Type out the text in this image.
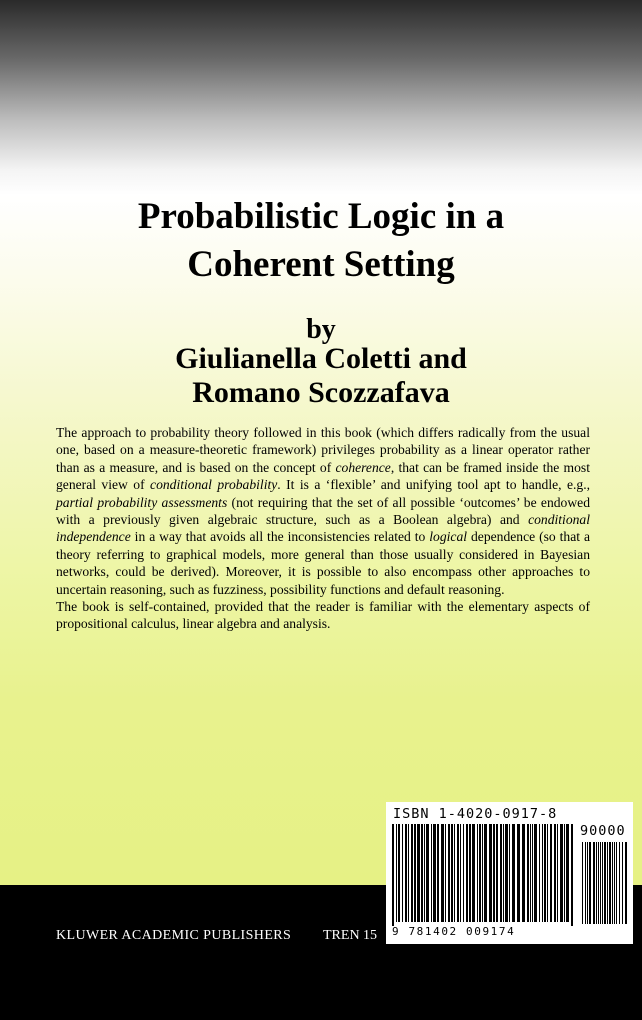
Probabilistic Logic in a
Coherent Setting
by
Giulianella Coletti and
Romano Scozzafava

The approach to probability theory followed in this book (which differs radically from the usual one, based on a measure-theoretic framework) privileges probability as a linear operator rather than as a measure, and is based on the concept of coherence, that can be framed inside the most general view of conditional probability. It is a ‘flexible’ and unifying tool apt to handle, e.g., partial probability assessments (not requiring that the set of all possible ‘outcomes’ be endowed with a previously given algebraic structure, such as a Boolean algebra) and conditional independence in a way that avoids all the inconsistencies related to logical dependence (so that a theory referring to graphical models, more general than those usually considered in Bayesian networks, could be derived). Moreover, it is possible to also encompass other approaches to uncertain reasoning, such as fuzziness, possibility functions and default reasoning.

The book is self-contained, provided that the reader is familiar with the elementary aspects of propositional calculus, linear algebra and analysis.

KLUWER ACADEMIC PUBLISHERS TREN 15
ISBN 1-4020-0917-8
90000
9 781402 009174
